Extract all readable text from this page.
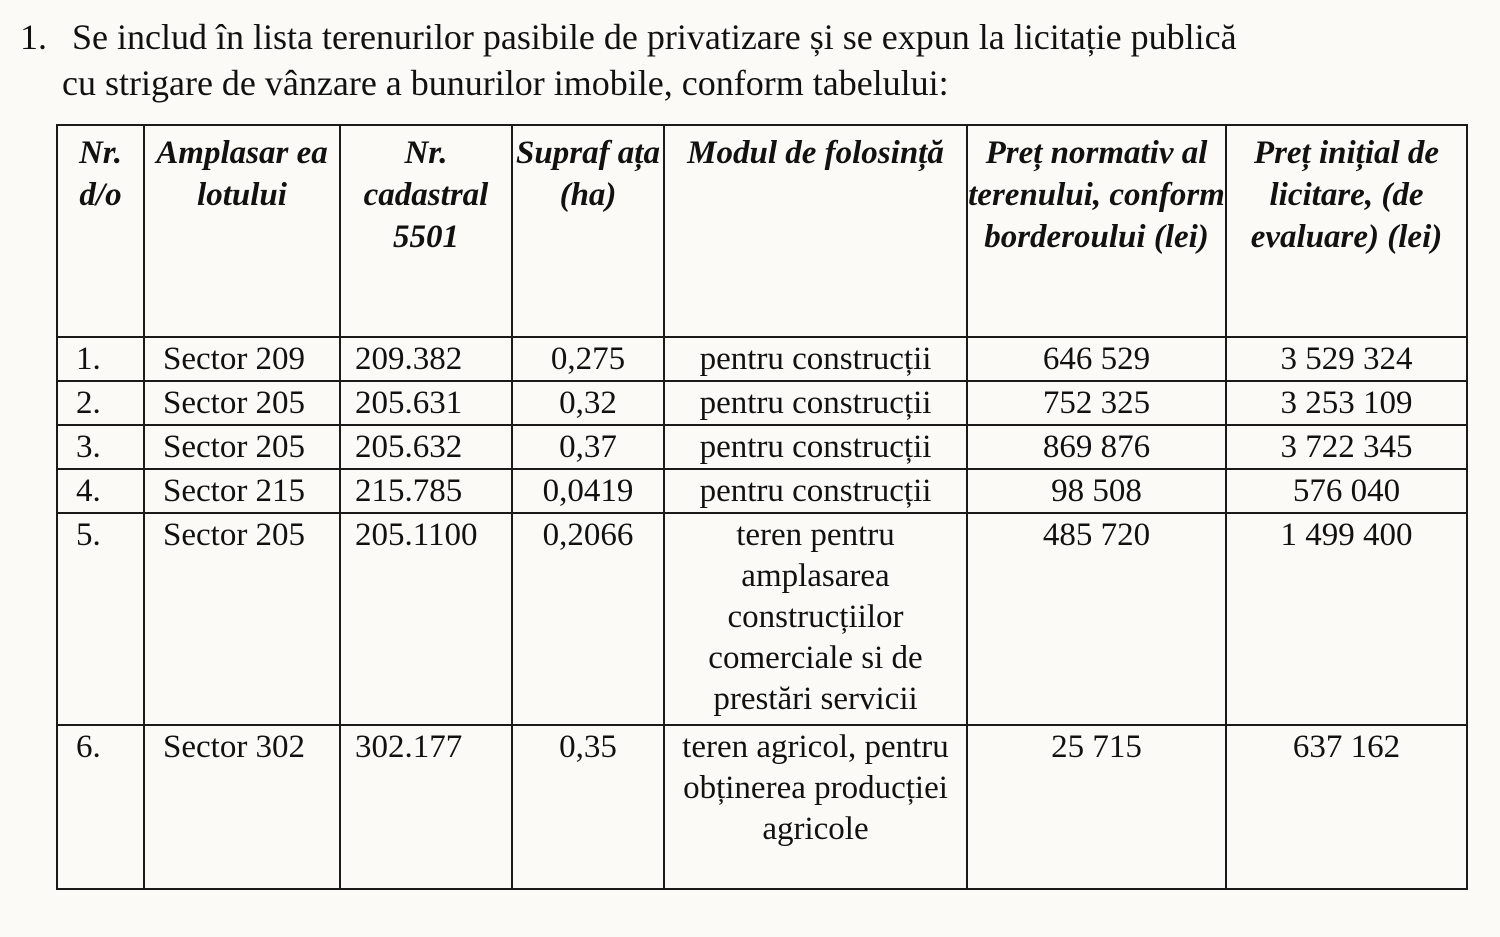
1. Se includ în lista terenurilor pasibile de privatizare și se expun la licitație publică
cu strigare de vânzare a bunurilor imobile, conform tabelului:
Nr. d/o	Amplasar ea lotului	Nr. cadastral 5501	Supraf ața (ha)	Modul de folosință	Preț normativ al terenului, conform borderoului (lei)	Preț inițial de licitare, (de evaluare) (lei)
1.	Sector 209	209.382	0,275	pentru construcții	646 529	3 529 324
2.	Sector 205	205.631	0,32	pentru construcții	752 325	3 253 109
3.	Sector 205	205.632	0,37	pentru construcții	869 876	3 722 345
4.	Sector 215	215.785	0,0419	pentru construcții	98 508	576 040
5.	Sector 205	205.1100	0,2066	teren pentru amplasarea construcțiilor comerciale si de prestări servicii	485 720	1 499 400
6.	Sector 302	302.177	0,35	teren agricol, pentru obținerea producției agricole	25 715	637 162
